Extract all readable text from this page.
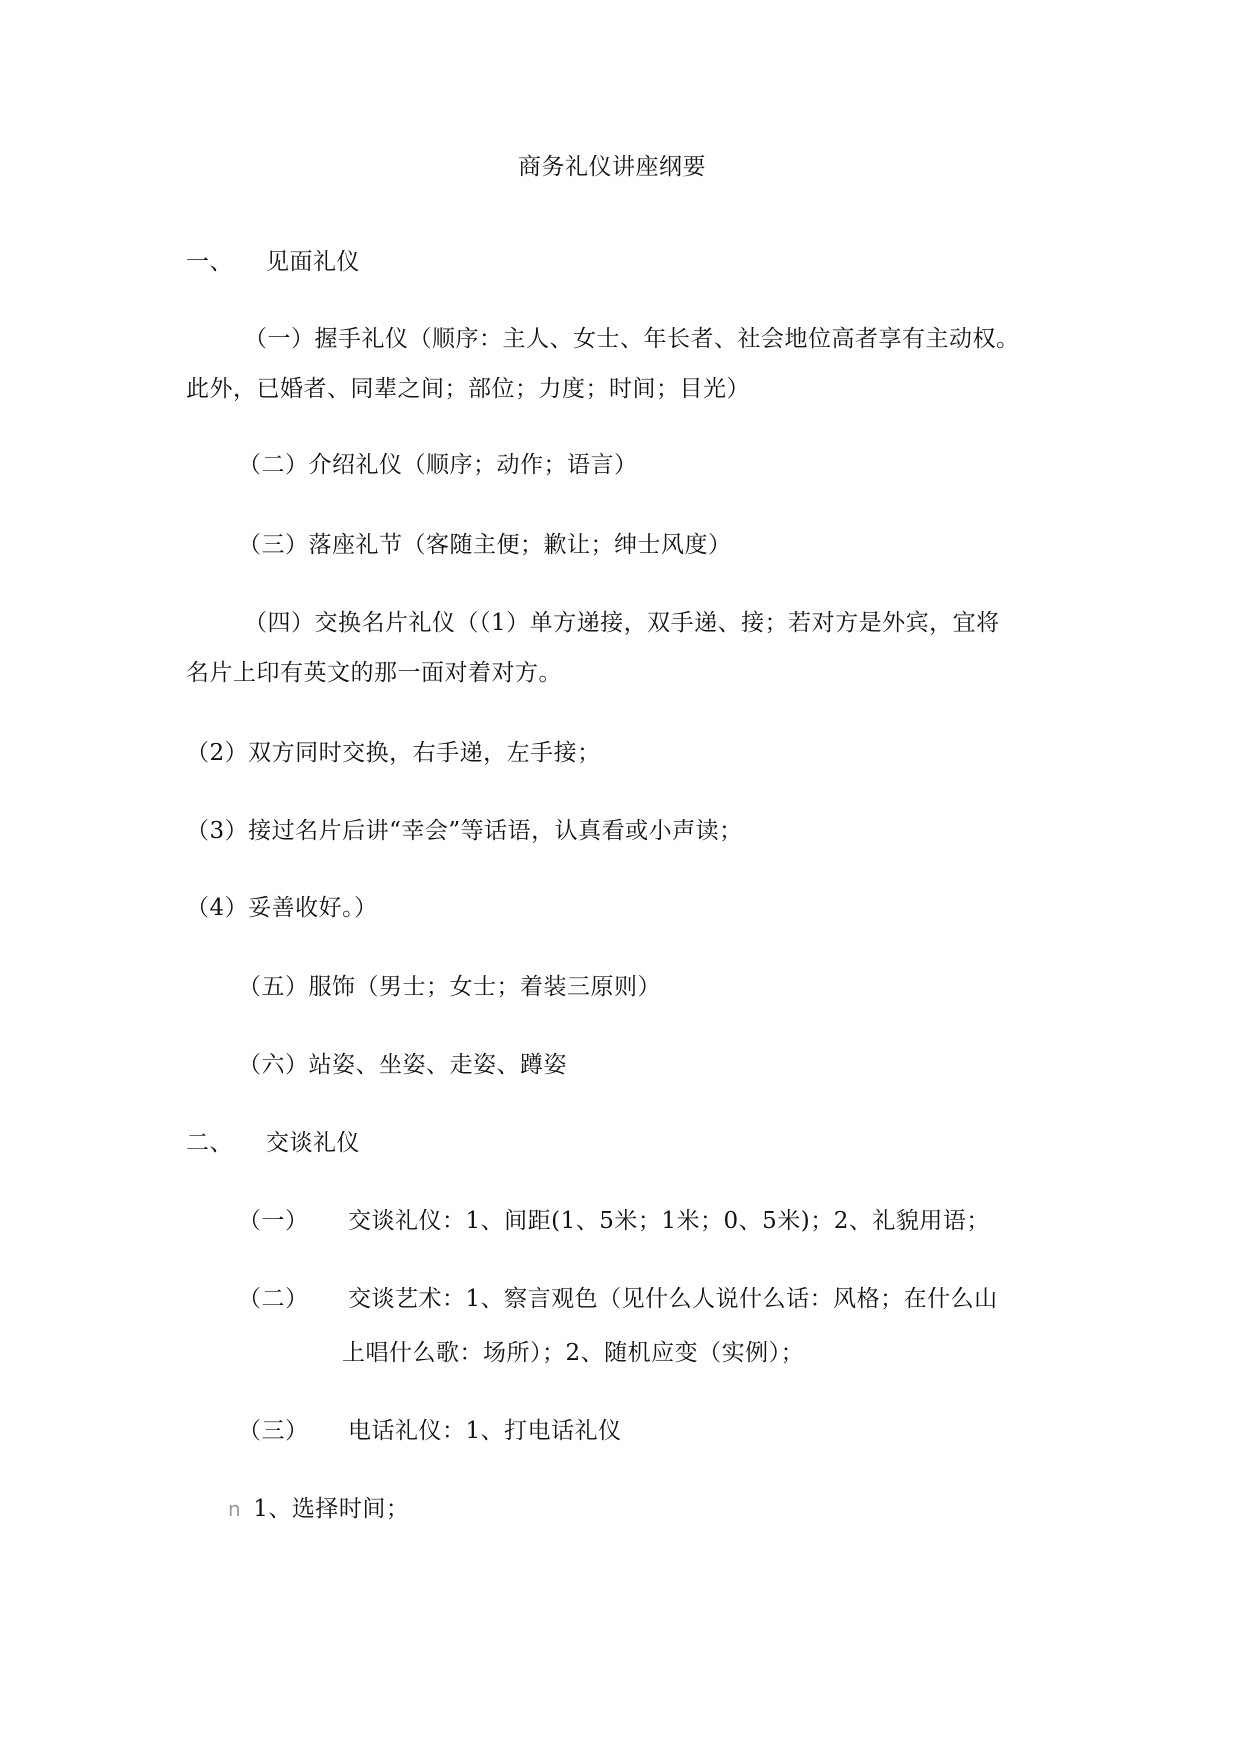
商务礼仪讲座纲要
一、 见面礼仪
（一）握手礼仪（顺序：主人、女士、年长者、社会地位高者享有主动权。
此外，已婚者、同辈之间；部位；力度；时间；目光）
（二）介绍礼仪（顺序；动作；语言）
（三）落座礼节（客随主便；歉让；绅士风度）
（四）交换名片礼仪（（1）单方递接，双手递、接；若对方是外宾，宜将
名片上印有英文的那一面对着对方。
（2）双方同时交换，右手递，左手接；
（3）接过名片后讲“幸会”等话语，认真看或小声读；
（4）妥善收好。）
（五）服饰（男士；女士；着装三原则）
（六）站姿、坐姿、走姿、蹲姿
二、 交谈礼仪
（一） 交谈礼仪：1、间距(1、5米；1米；0、5米)；2、礼貌用语；
（二） 交谈艺术：1、察言观色（见什么人说什么话：风格；在什么山
上唱什么歌：场所）；2、随机应变（实例）；
（三） 电话礼仪：1、打电话礼仪
n 1、选择时间；
